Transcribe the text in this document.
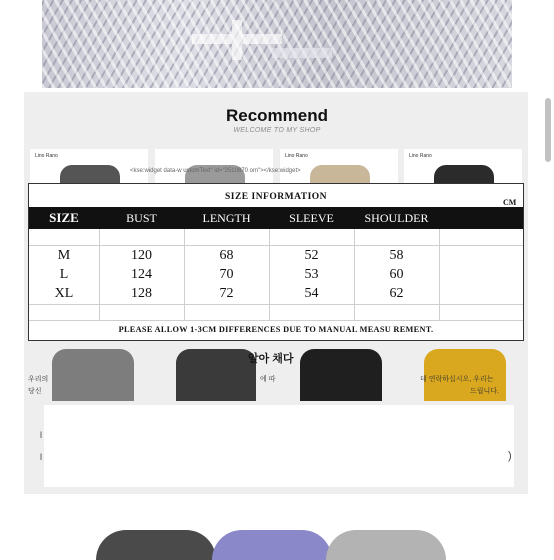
Recommend
WELCOME TO MY SHOP
Lino Rano	Lino Rano	Lino Rano
<kse:widget data-w ustomText" id="2510870 om"></kse:widget>
SIZE INFORMATION
CM
SIZE	BUST	LENGTH	SLEEVE	SHOULDER
M	120	68	52	58
L	124	70	53	60
XL	128	72	54	62
PLEASE ALLOW 1-3CM DIFFERENCES DUE TO MANUAL MEASU REMENT.
알아 채다
우리의	에 따	데 연락하십시오, 우리는
당신	드립니다.
l
l	)
